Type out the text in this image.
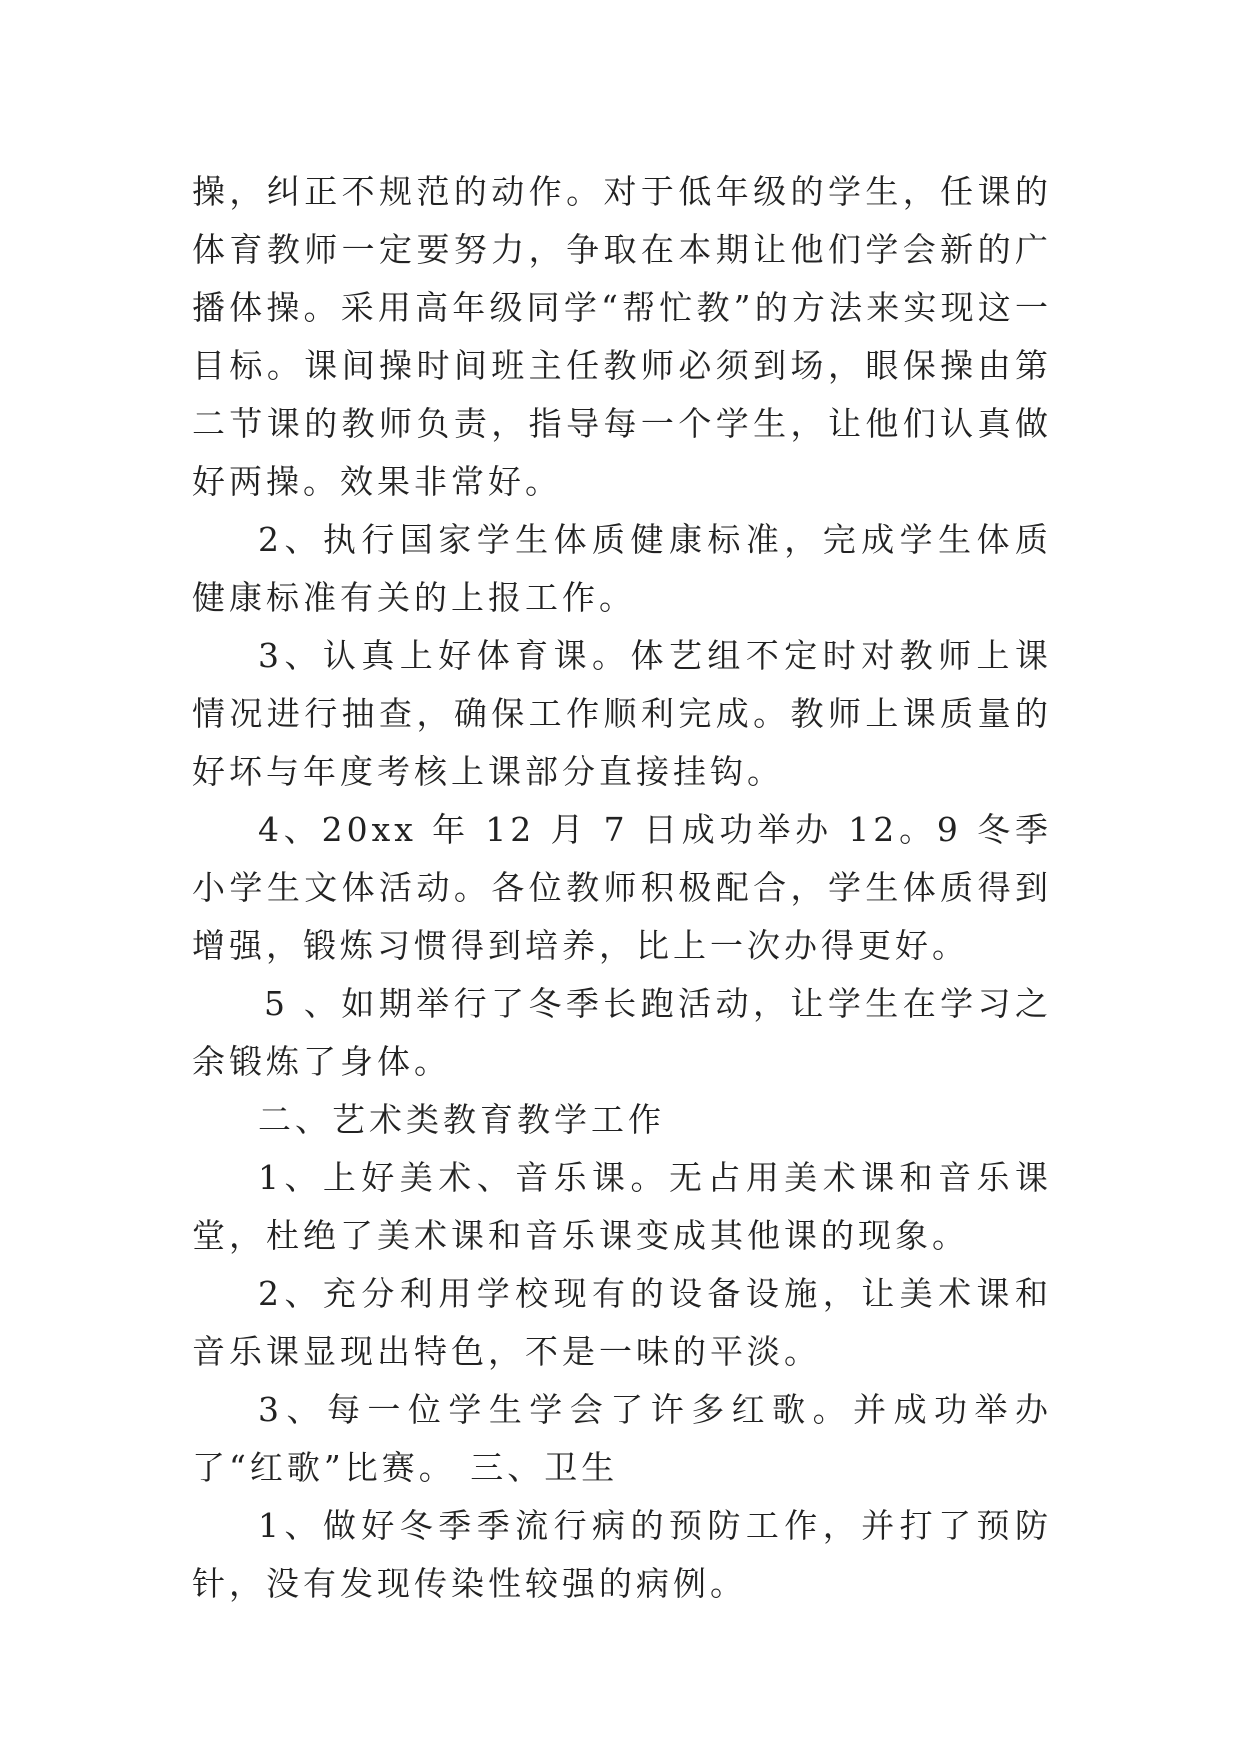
操，纠正不规范的动作。对于低年级的学生，任课的体育教师一定要努力，争取在本期让他们学会新的广播体操。采用高年级同学“帮忙教”的方法来实现这一目标。课间操时间班主任教师必须到场，眼保操由第二节课的教师负责，指导每一个学生，让他们认真做好两操。效果非常好。

2、执行国家学生体质健康标准，完成学生体质健康标准有关的上报工作。

3、认真上好体育课。体艺组不定时对教师上课情况进行抽查，确保工作顺利完成。教师上课质量的好坏与年度考核上课部分直接挂钩。

4、20xx 年 12 月 7 日成功举办 12。9 冬季小学生文体活动。各位教师积极配合，学生体质得到增强，锻炼习惯得到培养，比上一次办得更好。

5 、如期举行了冬季长跑活动，让学生在学习之余锻炼了身体。

二、艺术类教育教学工作

1、上好美术、音乐课。无占用美术课和音乐课堂，杜绝了美术课和音乐课变成其他课的现象。

2、充分利用学校现有的设备设施，让美术课和音乐课显现出特色，不是一味的平淡。

3、每一位学生学会了许多红歌。并成功举办了“红歌”比赛。 三、卫生

1、做好冬季季流行病的预防工作，并打了预防针，没有发现传染性较强的病例。
